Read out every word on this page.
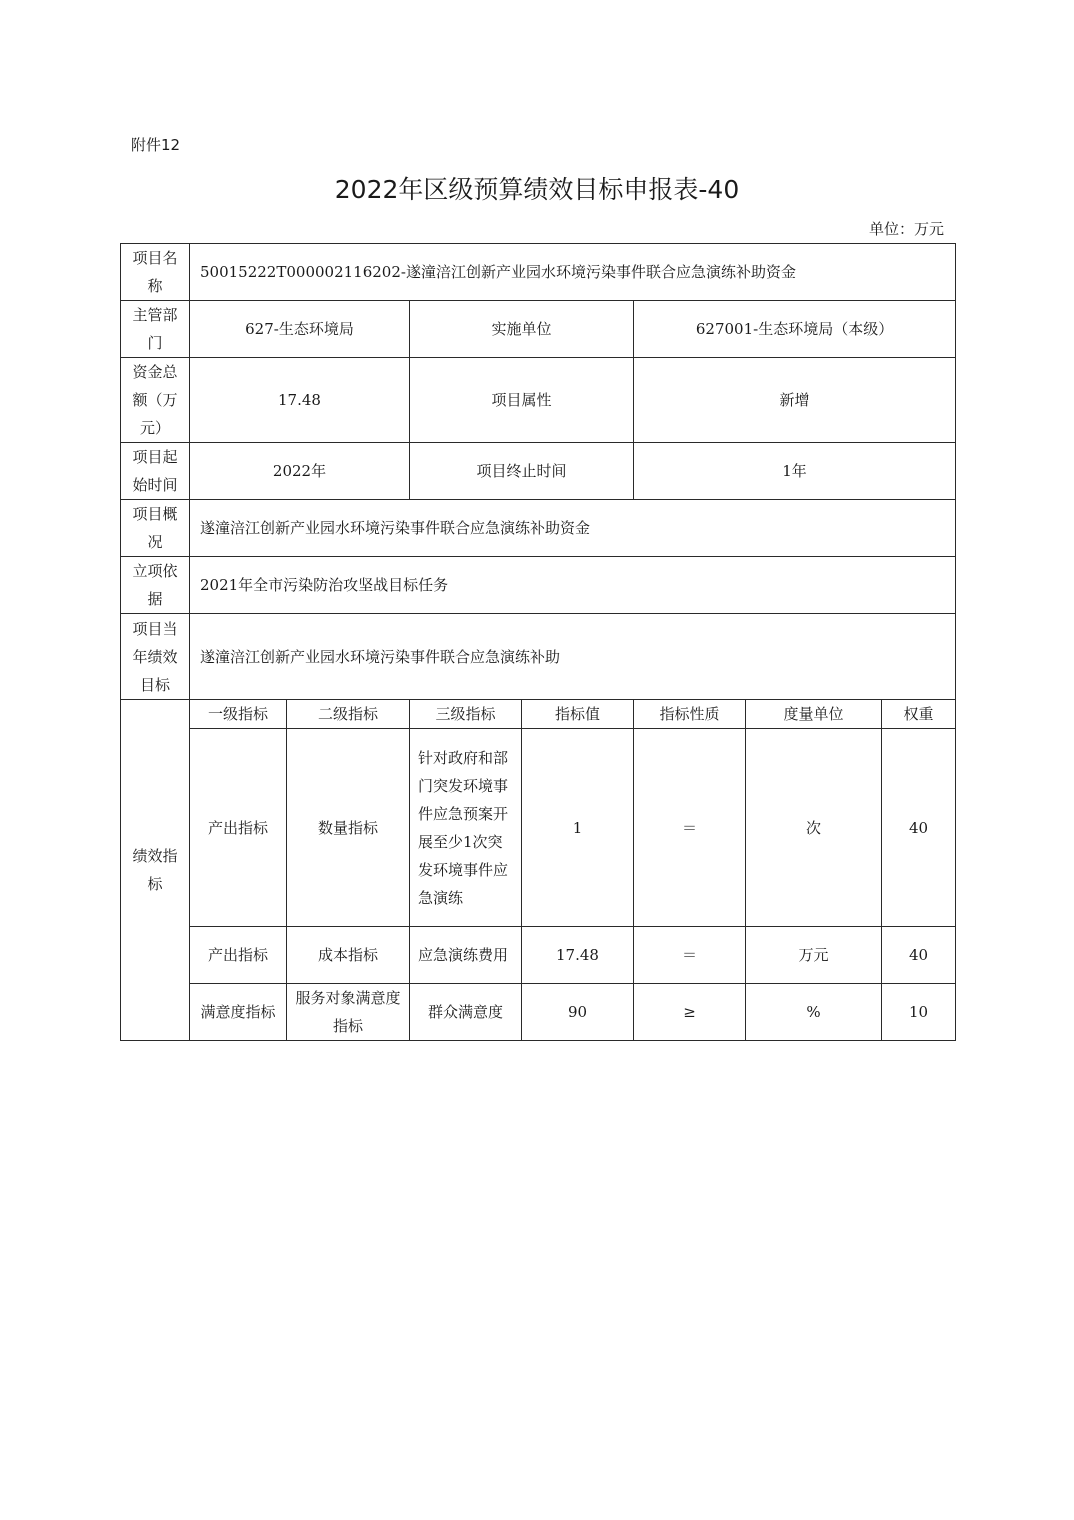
附件12
2022年区级预算绩效目标申报表-40
单位：万元
项目名称	50015222T000002116202-遂潼涪江创新产业园水环境污染事件联合应急演练补助资金						
主管部门	627-生态环境局		实施单位		627001-生态环境局（本级）		
资金总额（万元）	17.48		项目属性		新增		
项目起始时间	2022年		项目终止时间		1年		
项目概况	遂潼涪江创新产业园水环境污染事件联合应急演练补助资金						
立项依据	2021年全市污染防治攻坚战目标任务						
项目当年绩效目标	遂潼涪江创新产业园水环境污染事件联合应急演练补助						
绩效指标	一级指标	二级指标	三级指标	指标值	指标性质	度量单位	权重
	产出指标	数量指标	针对政府和部门突发环境事件应急预案开展至少1次突发环境事件应急演练	1	＝	次	40
	产出指标	成本指标	应急演练费用	17.48	＝	万元	40
	满意度指标	服务对象满意度指标	群众满意度	90	≥	%	10
